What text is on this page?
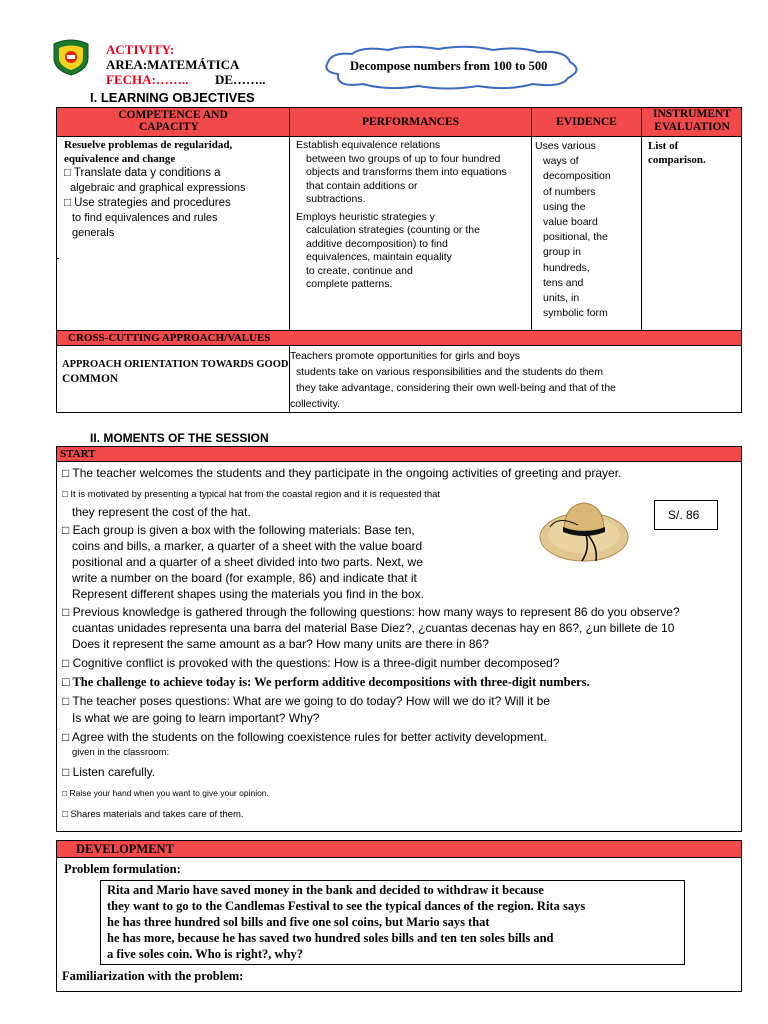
ACTIVITY:
AREA:MATEMÁTICA
FECHA:…….. DE……..
Decompose numbers from 100 to 500
I. LEARNING OBJECTIVES
COMPETENCE AND
CAPACITY	PERFORMANCES	EVIDENCE
INSTRUMENT
EVALUATION
Resuelve problemas de regularidad,
equivalence and change
□ Translate data y conditions a
algebraic and graphical expressions
□ Use strategies and procedures
to find equivalences and rules
generals
Establish equivalence relations
between two groups of up to four hundred
objects and transforms them into equations
that contain additions or
subtractions.
Employs heuristic strategies y
calculation strategies (counting or the
additive decomposition) to find
equivalences, maintain equality
to create, continue and
complete patterns.
Uses various
ways of
decomposition
of numbers
using the
value board
positional, the
group in
hundreds,
tens and
units, in
symbolic form
List of
comparison.
CROSS-CUTTING APPROACH/VALUES
APPROACH ORIENTATION TOWARDS GOOD
COMMON
Teachers promote opportunities for girls and boys
students take on various responsibilities and the students do them
they take advantage, considering their own well-being and that of the
collectivity.
II. MOMENTS OF THE SESSION
START
S/. 86
□ The teacher welcomes the students and they participate in the ongoing activities of greeting and prayer.
□ It is motivated by presenting a typical hat from the coastal region and it is requested that
they represent the cost of the hat.
□ Each group is given a box with the following materials: Base ten,
coins and bills, a marker, a quarter of a sheet with the value board
positional and a quarter of a sheet divided into two parts. Next, we
write a number on the board (for example, 86) and indicate that it
Represent different shapes using the materials you find in the box.
□ Previous knowledge is gathered through the following questions: how many ways to represent 86 do you observe?
cuantas unidades representa una barra del material Base Diez?, ¿cuantas decenas hay en 86?, ¿un billete de 10
Does it represent the same amount as a bar? How many units are there in 86?
□ Cognitive conflict is provoked with the questions: How is a three-digit number decomposed?
□ The challenge to achieve today is: We perform additive decompositions with three-digit numbers.
□ The teacher poses questions: What are we going to do today? How will we do it? Will it be
Is what we are going to learn important? Why?
□ Agree with the students on the following coexistence rules for better activity development.
given in the classroom:
□ Listen carefully.
□ Raise your hand when you want to give your opinion.
□ Shares materials and takes care of them.
DEVELOPMENT
Problem formulation:
Rita and Mario have saved money in the bank and decided to withdraw it because
they want to go to the Candlemas Festival to see the typical dances of the region. Rita says
he has three hundred sol bills and five one sol coins, but Mario says that
he has more, because he has saved two hundred soles bills and ten ten soles bills and
a five soles coin. Who is right?, why?
Familiarization with the problem:
